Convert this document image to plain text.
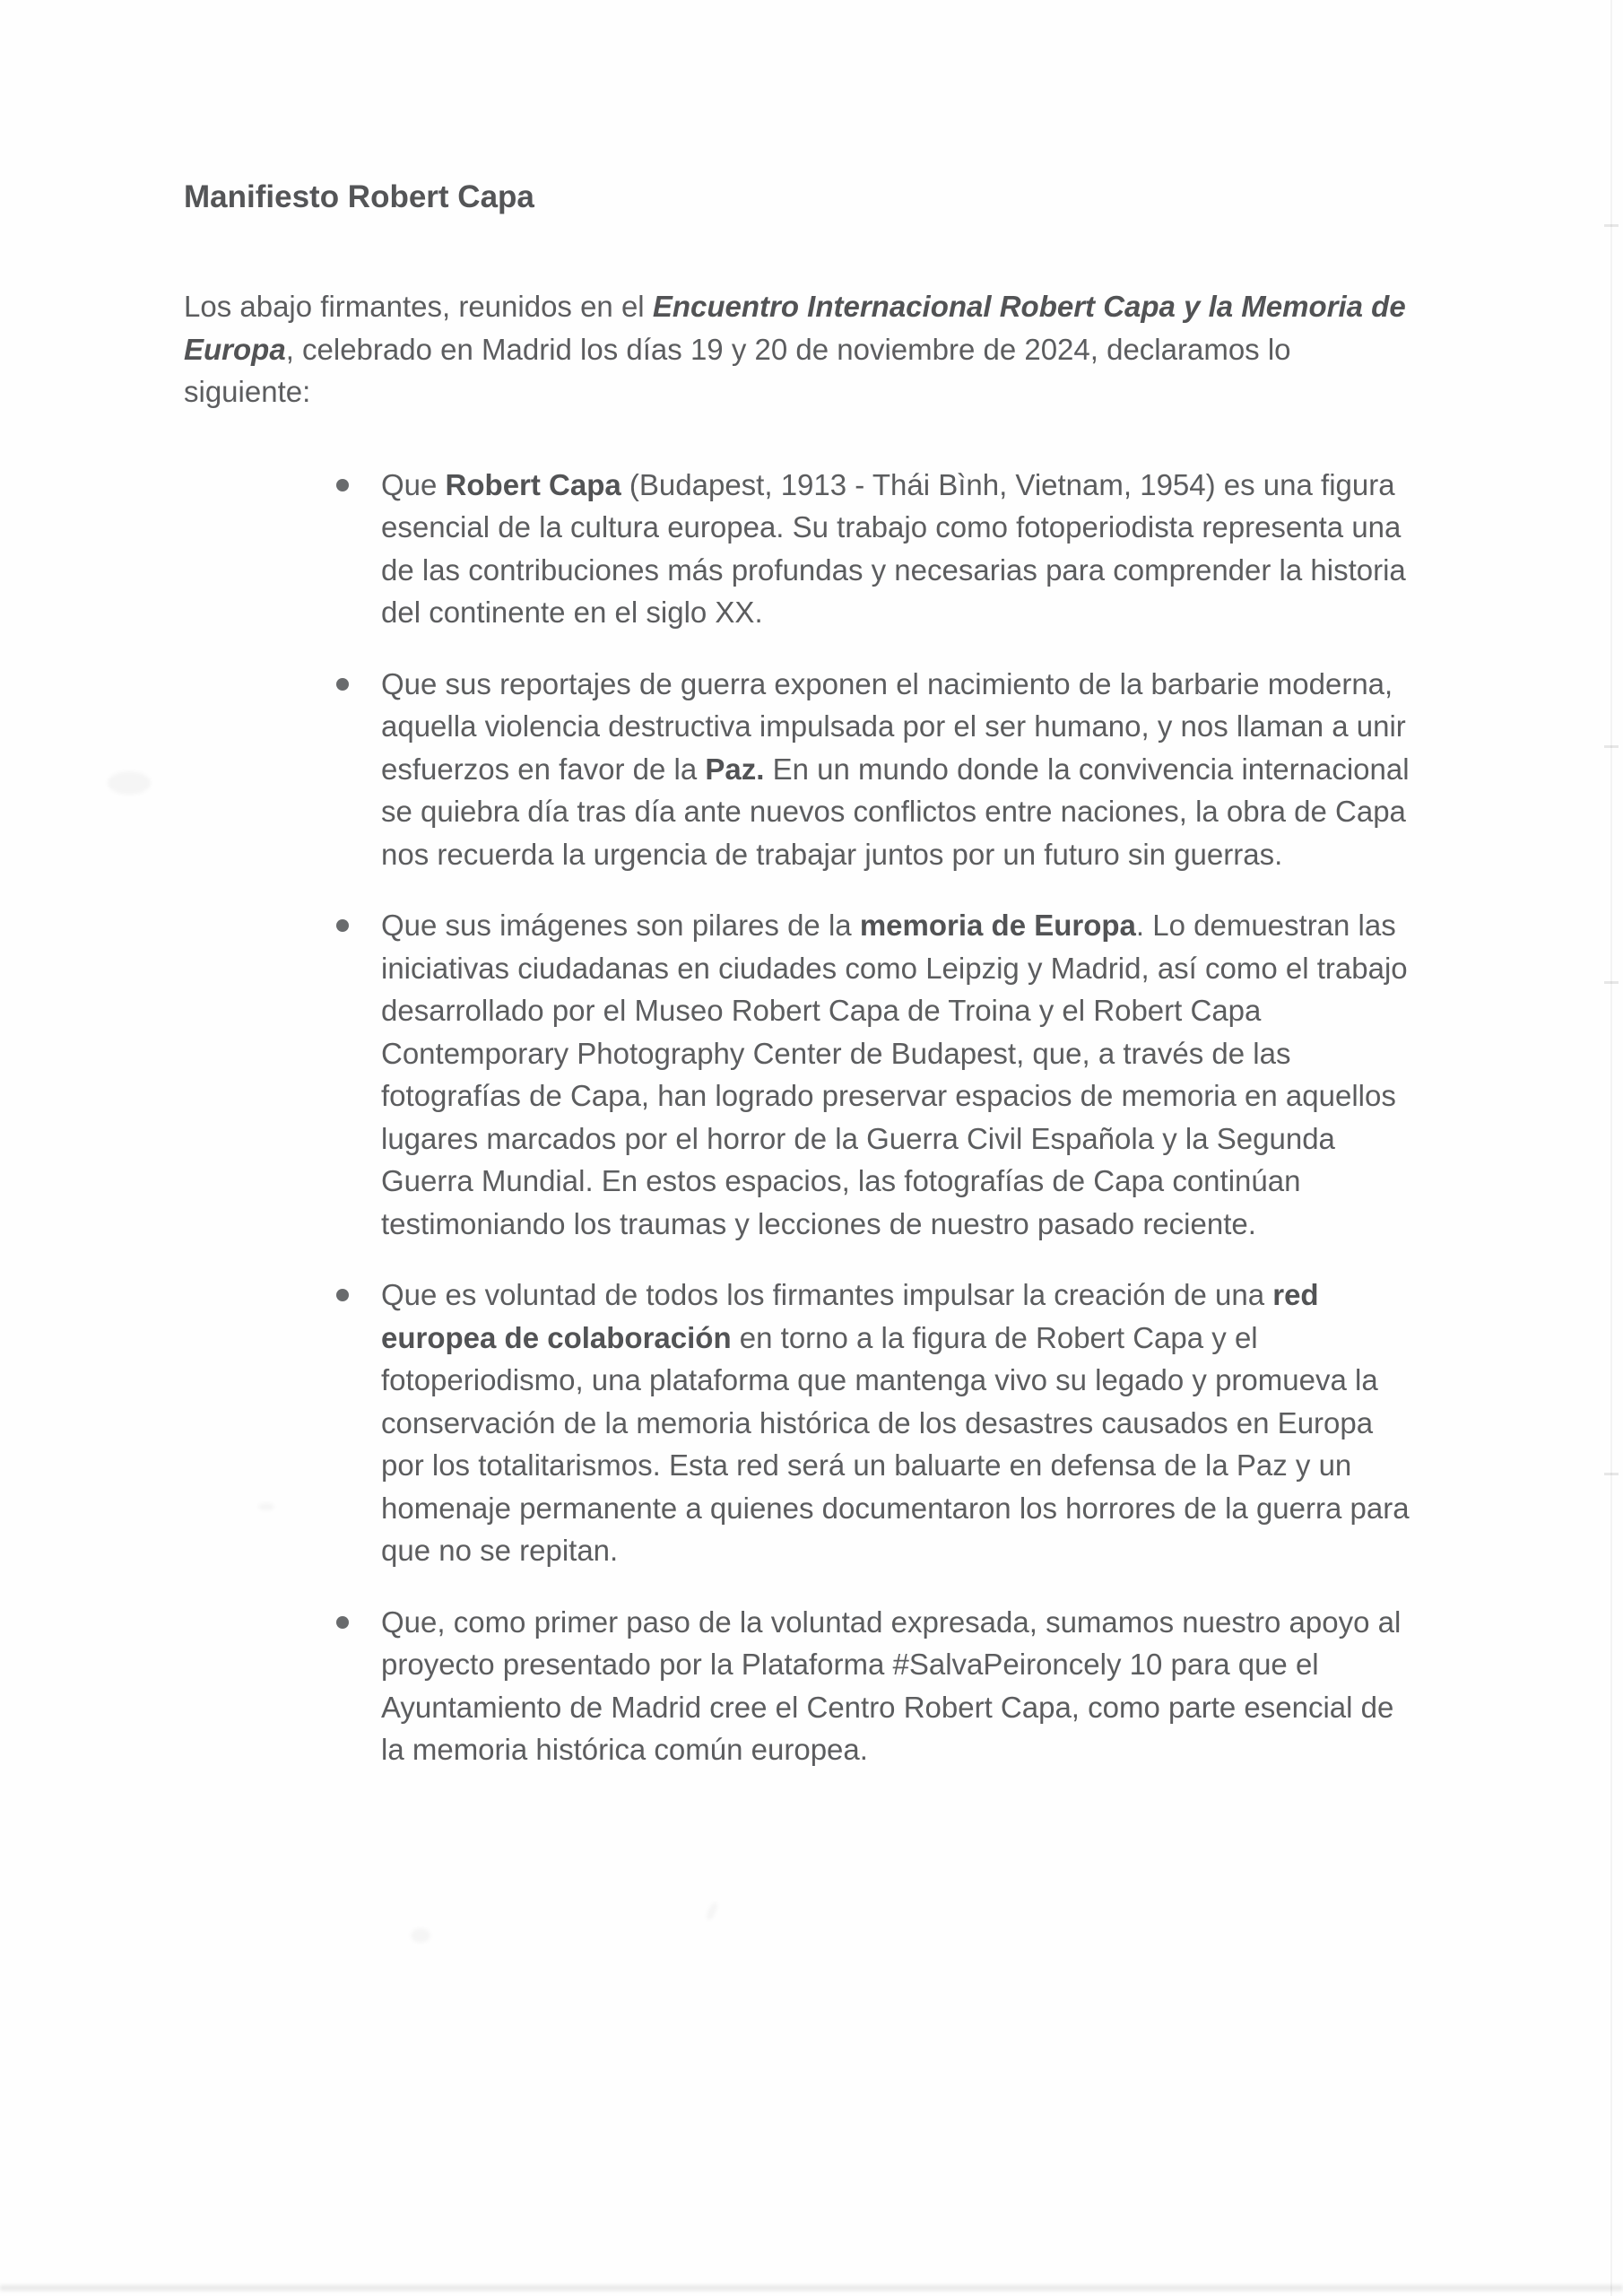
Manifiesto Robert Capa

Los abajo firmantes, reunidos en el Encuentro Internacional Robert Capa y la Memoria de Europa, celebrado en Madrid los días 19 y 20 de noviembre de 2024, declaramos lo siguiente:

Que Robert Capa (Budapest, 1913 - Thái Bình, Vietnam, 1954) es una figura esencial de la cultura europea. Su trabajo como fotoperiodista representa una de las contribuciones más profundas y necesarias para comprender la historia del continente en el siglo XX.
Que sus reportajes de guerra exponen el nacimiento de la barbarie moderna, aquella violencia destructiva impulsada por el ser humano, y nos llaman a unir esfuerzos en favor de la Paz. En un mundo donde la convivencia internacional se quiebra día tras día ante nuevos conflictos entre naciones, la obra de Capa nos recuerda la urgencia de trabajar juntos por un futuro sin guerras.
Que sus imágenes son pilares de la memoria de Europa. Lo demuestran las iniciativas ciudadanas en ciudades como Leipzig y Madrid, así como el trabajo desarrollado por el Museo Robert Capa de Troina y el Robert Capa Contemporary Photography Center de Budapest, que, a través de las fotografías de Capa, han logrado preservar espacios de memoria en aquellos lugares marcados por el horror de la Guerra Civil Española y la Segunda Guerra Mundial. En estos espacios, las fotografías de Capa continúan testimoniando los traumas y lecciones de nuestro pasado reciente.
Que es voluntad de todos los firmantes impulsar la creación de una red europea de colaboración en torno a la figura de Robert Capa y el fotoperiodismo, una plataforma que mantenga vivo su legado y promueva la conservación de la memoria histórica de los desastres causados en Europa por los totalitarismos. Esta red será un baluarte en defensa de la Paz y un homenaje permanente a quienes documentaron los horrores de la guerra para que no se repitan.
Que, como primer paso de la voluntad expresada, sumamos nuestro apoyo al proyecto presentado por la Plataforma #SalvaPeironcely 10 para que el Ayuntamiento de Madrid cree el Centro Robert Capa, como parte esencial de la memoria histórica común europea.
